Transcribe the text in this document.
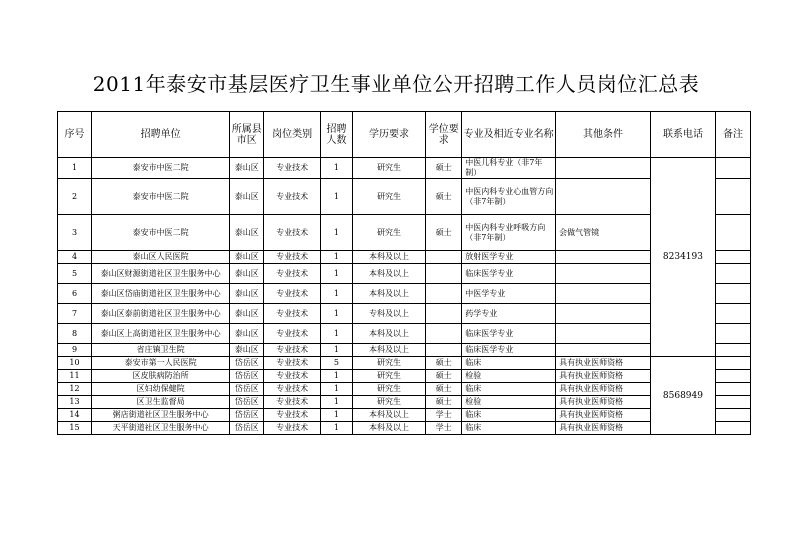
2011年泰安市基层医疗卫生事业单位公开招聘工作人员岗位汇总表
序号	招聘单位	所属县市区	岗位类别	招聘人数	学历要求	学位要求	专业及相近专业名称	其他条件	联系电话	备注
1	泰安市中医二院	泰山区	专业技术	1	研究生	硕士	中医儿科专业（非7年制）		8234193	
2	泰安市中医二院	泰山区	专业技术	1	研究生	硕士	中医内科专业心血管方向（非7年制）			
3	泰安市中医二院	泰山区	专业技术	1	研究生	硕士	中医内科专业呼吸方向（非7年制）	会做气管镜		
4	泰山区人民医院	泰山区	专业技术	1	本科及以上		放射医学专业			
5	泰山区财源街道社区卫生服务中心	泰山区	专业技术	1	本科及以上		临床医学专业			
6	泰山区岱庙街道社区卫生服务中心	泰山区	专业技术	1	本科及以上		中医学专业			
7	泰山区泰前街道社区卫生服务中心	泰山区	专业技术	1	专科及以上		药学专业			
8	泰山区上高街道社区卫生服务中心	泰山区	专业技术	1	本科及以上		临床医学专业			
9	省庄镇卫生院	泰山区	专业技术	1	本科及以上		临床医学专业			
10	泰安市第一人民医院	岱岳区	专业技术	5	研究生	硕士	临床	具有执业医师资格	8568949	
11	区皮肤病防治所	岱岳区	专业技术	1	研究生	硕士	检验	具有执业医师资格		
12	区妇幼保健院	岱岳区	专业技术	1	研究生	硕士	临床	具有执业医师资格		
13	区卫生监督局	岱岳区	专业技术	1	研究生	硕士	检验	具有执业医师资格		
14	粥店街道社区卫生服务中心	岱岳区	专业技术	1	本科及以上	学士	临床	具有执业医师资格		
15	天平街道社区卫生服务中心	岱岳区	专业技术	1	本科及以上	学士	临床	具有执业医师资格		
